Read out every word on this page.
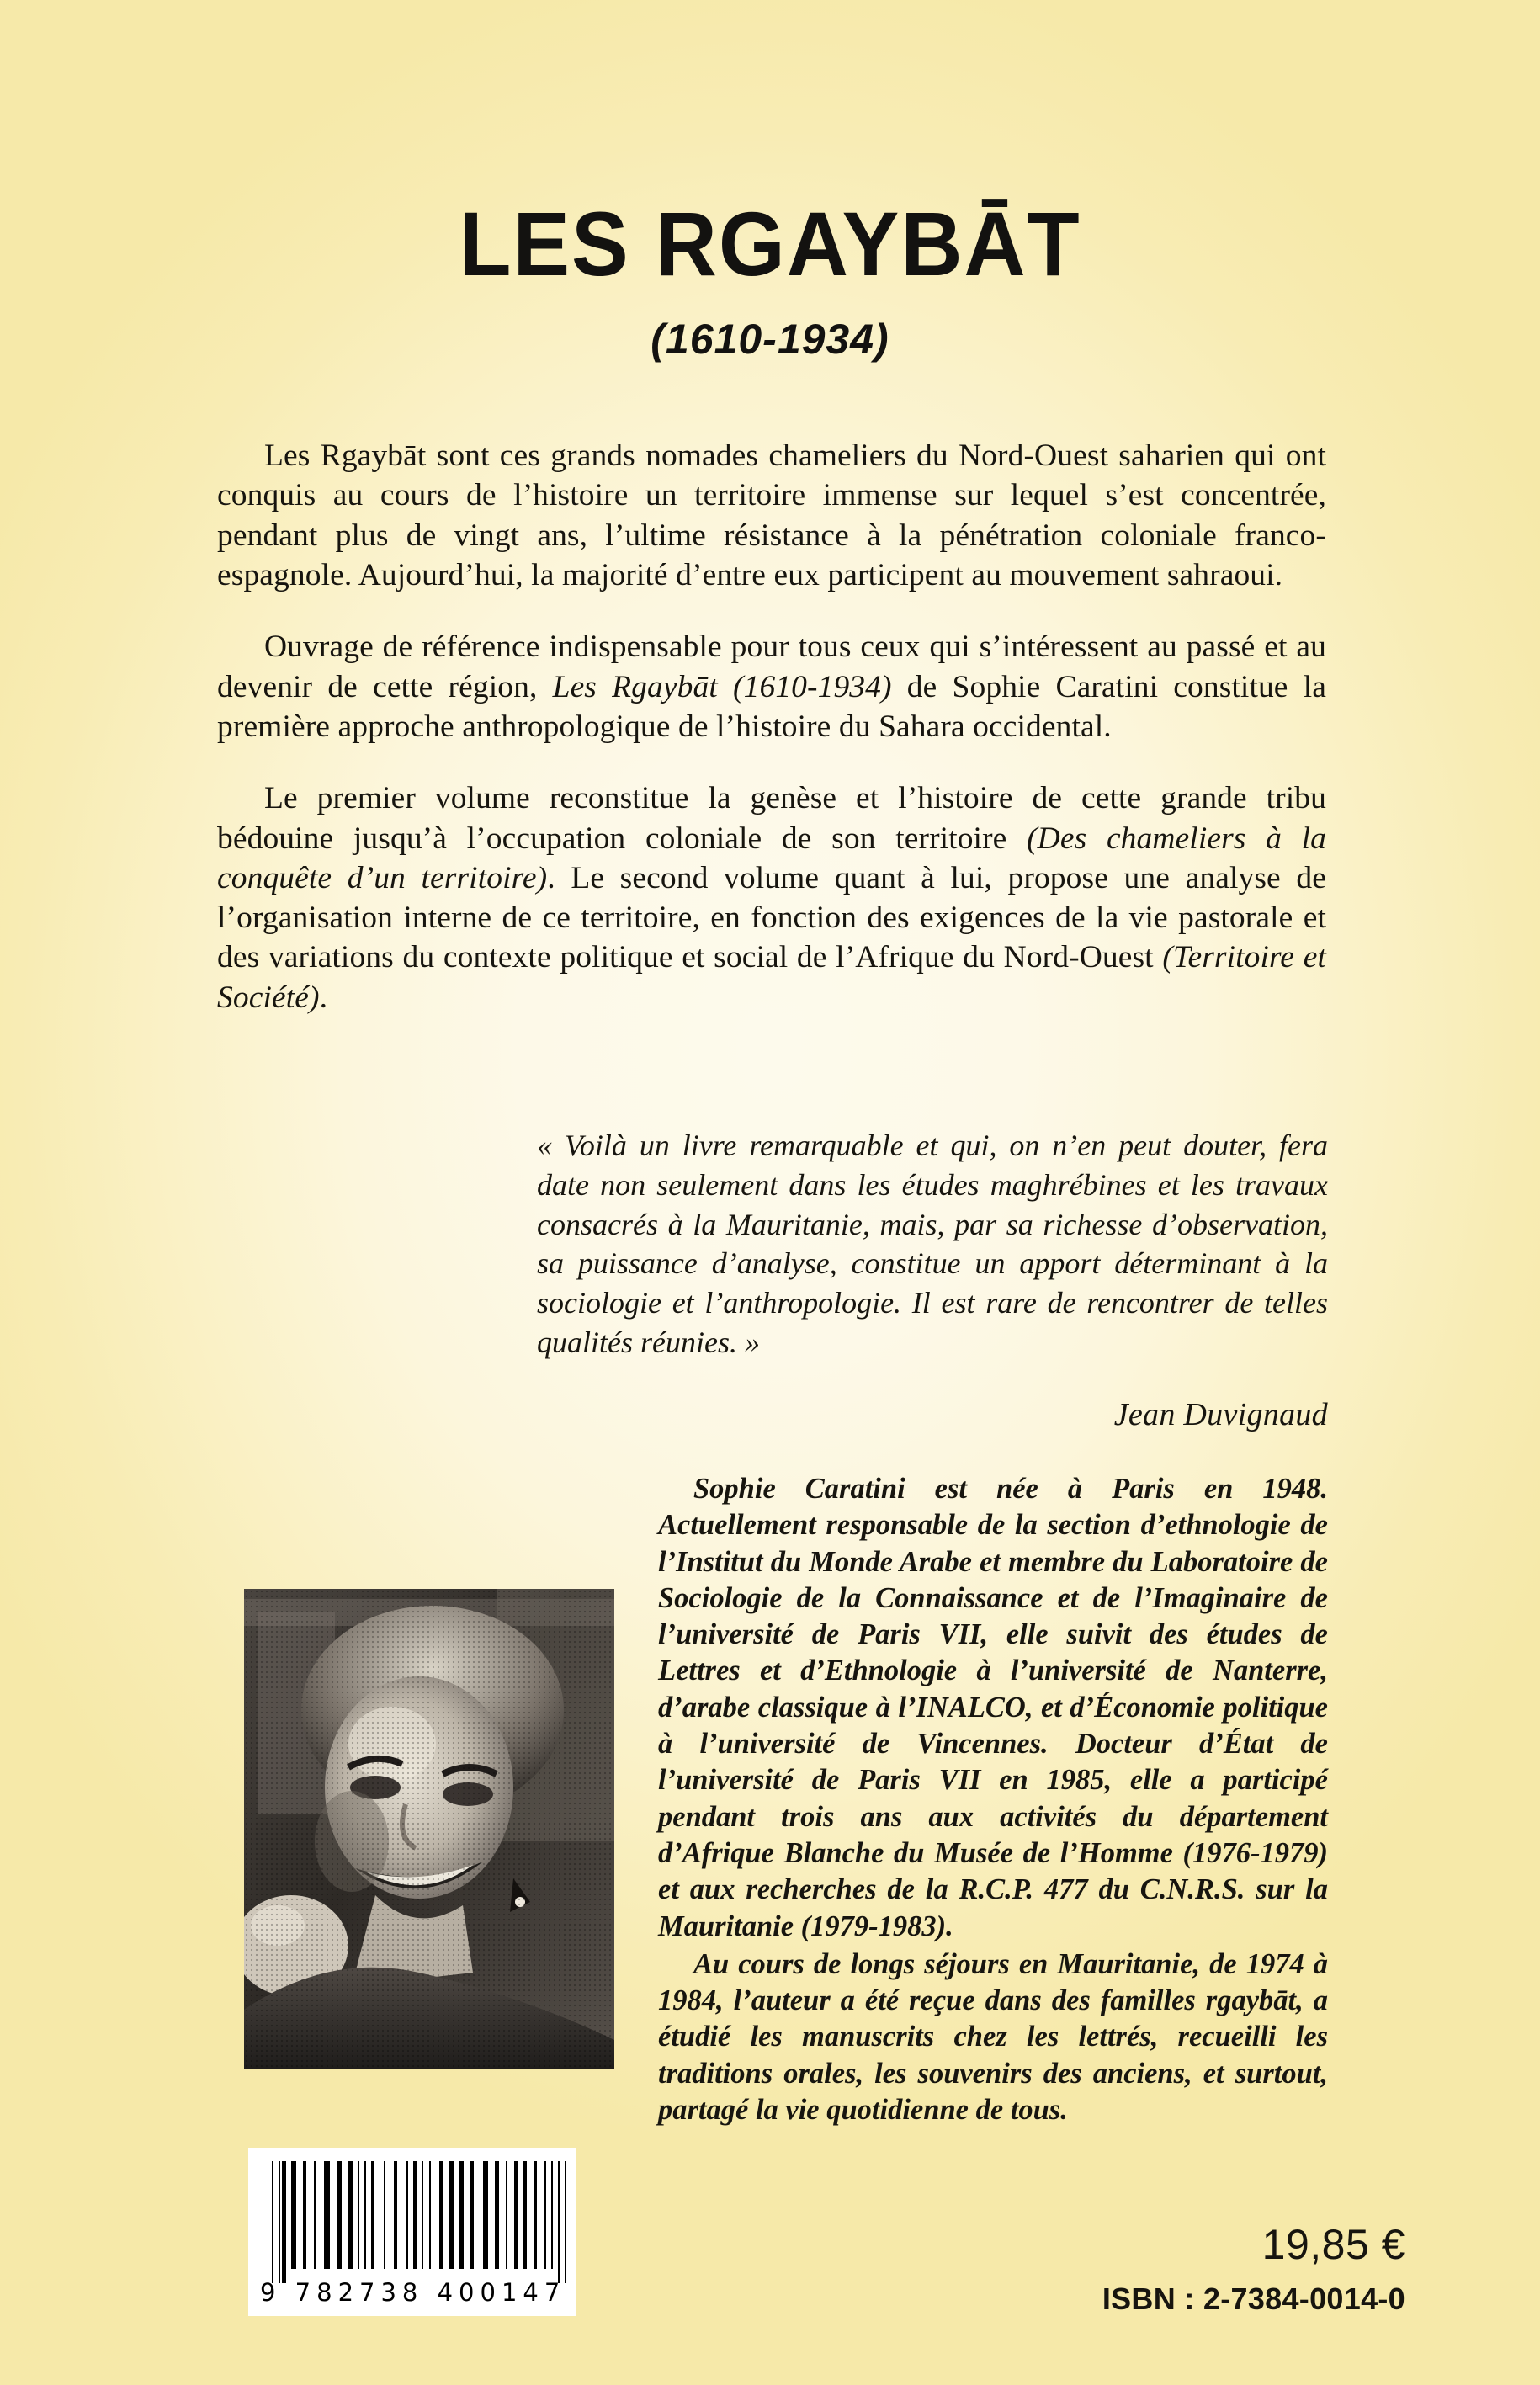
LES RGAYBĀT
(1610-1934)

Les Rgaybāt sont ces grands nomades chameliers du Nord-Ouest saharien qui ont conquis au cours de l’histoire un territoire immense sur lequel s’est concentrée, pendant plus de vingt ans, l’ultime résistance à la pénétration coloniale franco-espagnole. Aujourd’hui, la majorité d’entre eux participent au mouvement sahraoui.

Ouvrage de référence indispensable pour tous ceux qui s’intéressent au passé et au devenir de cette région, Les Rgaybāt (1610-1934) de Sophie Caratini constitue la première approche anthropologique de l’histoire du Sahara occidental.

Le premier volume reconstitue la genèse et l’histoire de cette grande tribu bédouine jusqu’à l’occupation coloniale de son territoire (Des chameliers à la conquête d’un territoire). Le second volume quant à lui, propose une analyse de l’organisation interne de ce territoire, en fonction des exigences de la vie pastorale et des variations du contexte politique et social de l’Afrique du Nord-Ouest (Territoire et Société).

« Voilà un livre remarquable et qui, on n’en peut douter, fera date non seulement dans les études maghrébines et les travaux consacrés à la Mauritanie, mais, par sa richesse d’observation, sa puissance d’analyse, constitue un apport déterminant à la sociologie et l’anthropologie. Il est rare de rencontrer de telles qualités réunies. »

Jean Duvignaud

Sophie Caratini est née à Paris en 1948. Actuellement responsable de la section d’ethnologie de l’Institut du Monde Arabe et membre du Laboratoire de Sociologie de la Connaissance et de l’Imaginaire de l’université de Paris VII, elle suivit des études de Lettres et d’Ethnologie à l’université de Nanterre, d’arabe classique à l’INALCO, et d’Économie politique à l’université de Vincennes. Docteur d’État de l’université de Paris VII en 1985, elle a participé pendant trois ans aux activités du département d’Afrique Blanche du Musée de l’Homme (1976-1979) et aux recherches de la R.C.P. 477 du C.N.R.S. sur la Mauritanie (1979-1983).

Au cours de longs séjours en Mauritanie, de 1974 à 1984, l’auteur a été reçue dans des familles rgaybāt, a étudié les manuscrits chez les lettrés, recueilli les traditions orales, les souvenirs des anciens, et surtout, partagé la vie quotidienne de tous.

9 782738 400147
19,85 €
ISBN : 2-7384-0014-0
